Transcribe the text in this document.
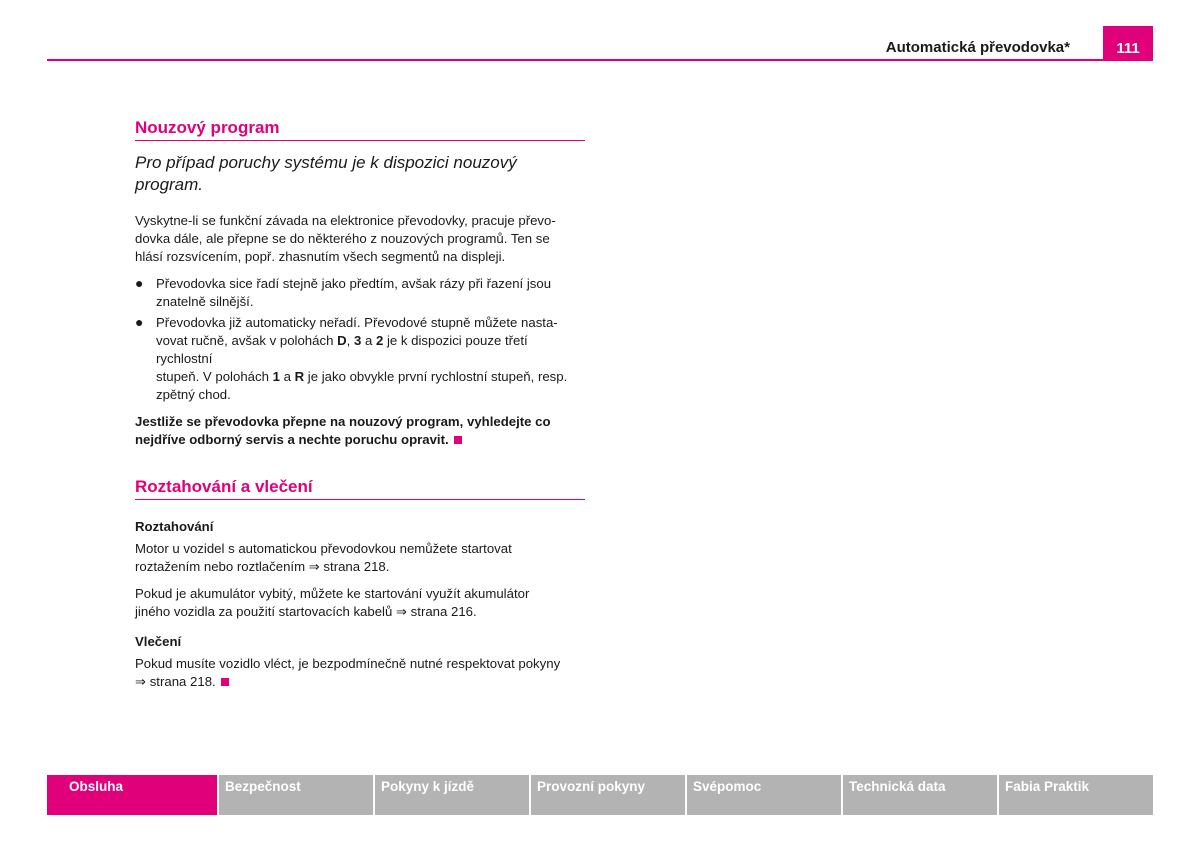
Automatická převodovka*	111
Nouzový program

Pro případ poruchy systému je k dispozici nouzový program.

Vyskytne-li se funkční závada na elektronice převodovky, pracuje převo-
dovka dále, ale přepne se do některého z nouzových programů. Ten se
hlásí rozsvícením, popř. zhasnutím všech segmentů na displeji.

● Převodovka sice řadí stejně jako předtím, avšak rázy při řazení jsou
znatelně silnější.
● Převodovka již automaticky neřadí. Převodové stupně můžete nasta-
vovat ručně, avšak v polohách D, 3 a 2 je k dispozici pouze třetí rychlostní
stupeň. V polohách 1 a R je jako obvykle první rychlostní stupeň, resp.
zpětný chod.

Jestliže se převodovka přepne na nouzový program, vyhledejte co
nejdříve odborný servis a nechte poruchu opravit.

Roztahování a vlečení

Roztahování

Motor u vozidel s automatickou převodovkou nemůžete startovat
roztažením nebo roztlačením ⇒ strana 218.

Pokud je akumulátor vybitý, můžete ke startování využít akumulátor
jiného vozidla za použití startovacích kabelů ⇒ strana 216.

Vlečení

Pokud musíte vozidlo vléct, je bezpodmínečně nutné respektovat pokyny
⇒ strana 218.

Obsluha	Bezpečnost	Pokyny k jízdě	Provozní pokyny	Svépomoc	Technická data	Fabia Praktik
